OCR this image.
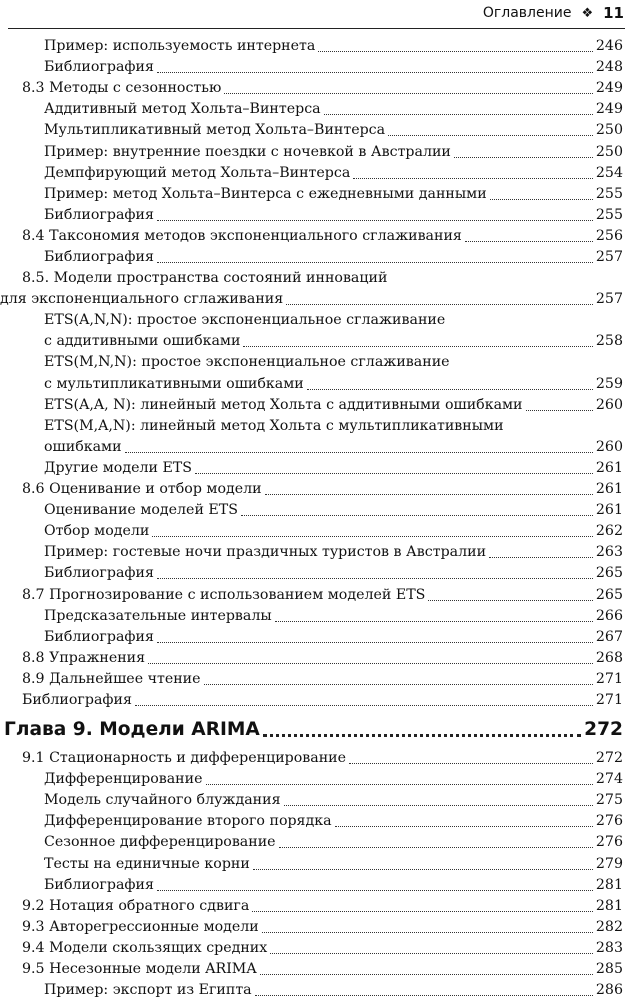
Оглавление ❖ 11
Пример: используемость интернета	246
Библиография	248
8.3 Методы с сезонностью	249
Аддитивный метод Хольта–Винтерса	249
Мультипликативный метод Хольта–Винтерса	250
Пример: внутренние поездки с ночевкой в Австралии	250
Демпфирующий метод Хольта–Винтерса	254
Пример: метод Хольта–Винтерса с ежедневными данными	255
Библиография	255
8.4 Таксономия методов экспоненциального сглаживания	256
Библиография	257
8.5. Модели пространства состояний инноваций
для экспоненциального сглаживания	257
ETS(A,N,N): простое экспоненциальное сглаживание
с аддитивными ошибками	258
ETS(M,N,N): простое экспоненциальное сглаживание
с мультипликативными ошибками	259
ETS(A,A, N): линейный метод Хольта с аддитивными ошибками	260
ETS(M,A,N): линейный метод Хольта с мультипликативными
ошибками	260
Другие модели ETS	261
8.6 Оценивание и отбор модели	261
Оценивание моделей ETS	261
Отбор модели	262
Пример: гостевые ночи праздичных туристов в Австралии	263
Библиография	265
8.7 Прогнозирование с использованием моделей ETS	265
Предсказательные интервалы	266
Библиография	267
8.8 Упражнения	268
8.9 Дальнейшее чтение	271
Библиография	271
Глава 9. Модели ARIMA	272
9.1 Стационарность и дифференцирование	272
Дифференцирование	274
Модель случайного блуждания	275
Дифференцирование второго порядка	276
Сезонное дифференцирование	276
Тесты на единичные корни	279
Библиография	281
9.2 Нотация обратного сдвига	281
9.3 Авторегрессионные модели	282
9.4 Модели скользящих средних	283
9.5 Несезонные модели ARIMA	285
Пример: экспорт из Египта	286
